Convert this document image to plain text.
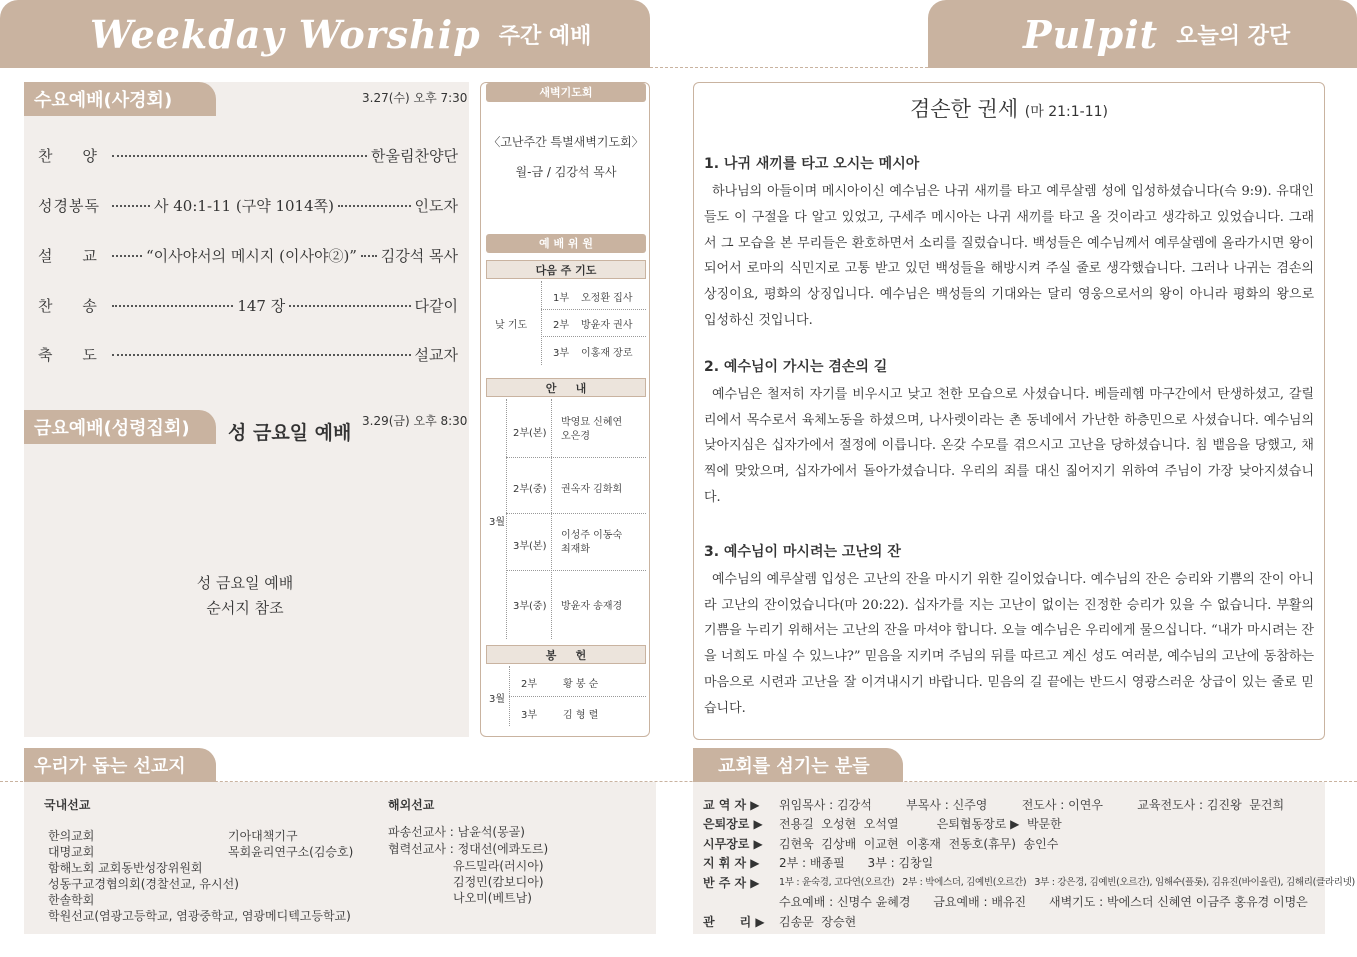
Weekday Worship 주간 예배	Pulpit 오늘의 강단
수요예배(사경회)	3.27(수) 오후 7:30
찬     양	한울림찬양단
성경봉독	사 40:1-11 (구약 1014쪽)	인도자
설     교	“이사야서의 메시지 (이사야②)” 김강석 목사
찬     송	147 장	다같이
축     도	설교자
금요예배(성령집회)	성 금요일 예배
3.29(금) 오후 8:30
성 금요일 예배
순서지 참조
새벽기도회
〈고난주간 특별새벽기도회〉
월-금 / 김강석 목사
예 배 위 원
다음 주 기도
낮 기도
1부 오정환 집사
2부 방윤자 권사
3부 이홍재 장로
안     내
3월
2부(본)
박영묘 신혜연
오은경
2부(중) 권옥자 김화회
3부(본)
이성주 이동숙
최재화
3부(중) 방윤자 송재경
봉     헌
3월
2부	황 봉 순
3부	김 형 렬
겸손한 권세 (마 21:1-11)
1. 나귀 새끼를 타고 오시는 메시아

하나님의 아들이며 메시아이신 예수님은 나귀 새끼를 타고 예루살렘 성에 입성하셨습니다(슥 9:9). 유대인들도 이 구절을 다 알고 있었고, 구세주 메시아는 나귀 새끼를 타고 올 것이라고 생각하고 있었습니다. 그래서 그 모습을 본 무리들은 환호하면서 소리를 질렀습니다. 백성들은 예수님께서 예루살렘에 올라가시면 왕이 되어서 로마의 식민지로 고통 받고 있던 백성들을 해방시켜 주실 줄로 생각했습니다. 그러나 나귀는 겸손의 상징이요, 평화의 상징입니다. 예수님은 백성들의 기대와는 달리 영웅으로서의 왕이 아니라 평화의 왕으로 입성하신 것입니다.

2. 예수님이 가시는 겸손의 길

예수님은 철저히 자기를 비우시고 낮고 천한 모습으로 사셨습니다. 베들레헴 마구간에서 탄생하셨고, 갈릴리에서 목수로서 육체노동을 하셨으며, 나사렛이라는 촌 동네에서 가난한 하층민으로 사셨습니다. 예수님의 낮아지심은 십자가에서 절정에 이릅니다. 온갖 수모를 겪으시고 고난을 당하셨습니다. 침 뱉음을 당했고, 채찍에 맞았으며, 십자가에서 돌아가셨습니다. 우리의 죄를 대신 짊어지기 위하여 주님이 가장 낮아지셨습니다.

3. 예수님이 마시려는 고난의 잔

예수님의 예루살렘 입성은 고난의 잔을 마시기 위한 길이었습니다. 예수님의 잔은 승리와 기쁨의 잔이 아니라 고난의 잔이었습니다(마 20:22). 십자가를 지는 고난이 없이는 진정한 승리가 있을 수 없습니다. 부활의 기쁨을 누리기 위해서는 고난의 잔을 마셔야 합니다. 오늘 예수님은 우리에게 물으십니다. “내가 마시려는 잔을 너희도 마실 수 있느냐?” 믿음을 지키며 주님의 뒤를 따르고 계신 성도 여러분, 예수님의 고난에 동참하는 마음으로 시련과 고난을 잘 이겨내시기 바랍니다. 믿음의 길 끝에는 반드시 영광스러운 상급이 있는 줄로 믿습니다.

우리가 돕는 선교지
국내선교
한의교회
대명교회
함해노회 교회동반성장위원회
성동구교경협의회(경찰선교, 유시선)
한솔학회
학원선교(염광고등학교, 염광중학교, 염광메디텍고등학교)
기아대책기구
목회윤리연구소(김승호)
해외선교
파송선교사 : 남윤석(몽골)
협력선교사 : 정대선(에콰도르)
유드밀라(러시아)
김정민(캄보디아)
나오미(베트남)
교회를 섬기는 분들
교 역 자 ▶ 위임목사 : 김강석         부목사 : 신주영         전도사 : 이연우         교육전도사 : 김진왕  문건희
은퇴장로 ▶ 전용길  오성현  오석열          은퇴협동장로 ▶  박문한
시무장로 ▶ 김현욱  김상배  이교현  이홍재  전동호(휴무)  송인수
지 휘 자 ▶ 2부 : 배종필      3부 : 김창일
반 주 자 ▶ 1부 : 윤숙경, 고다연(오르간)   2부 : 박에스더, 김예빈(오르간)   3부 : 강은경, 김예빈(오르간), 임해수(플롯), 김유진(바이올린), 김해리(클라리넷)
수요예배 : 신명수 윤혜경      금요예배 : 배유진      새벽기도 : 박에스더 신혜연 이금주 홍유경 이명은
관      리 ▶ 김송문  장승현
